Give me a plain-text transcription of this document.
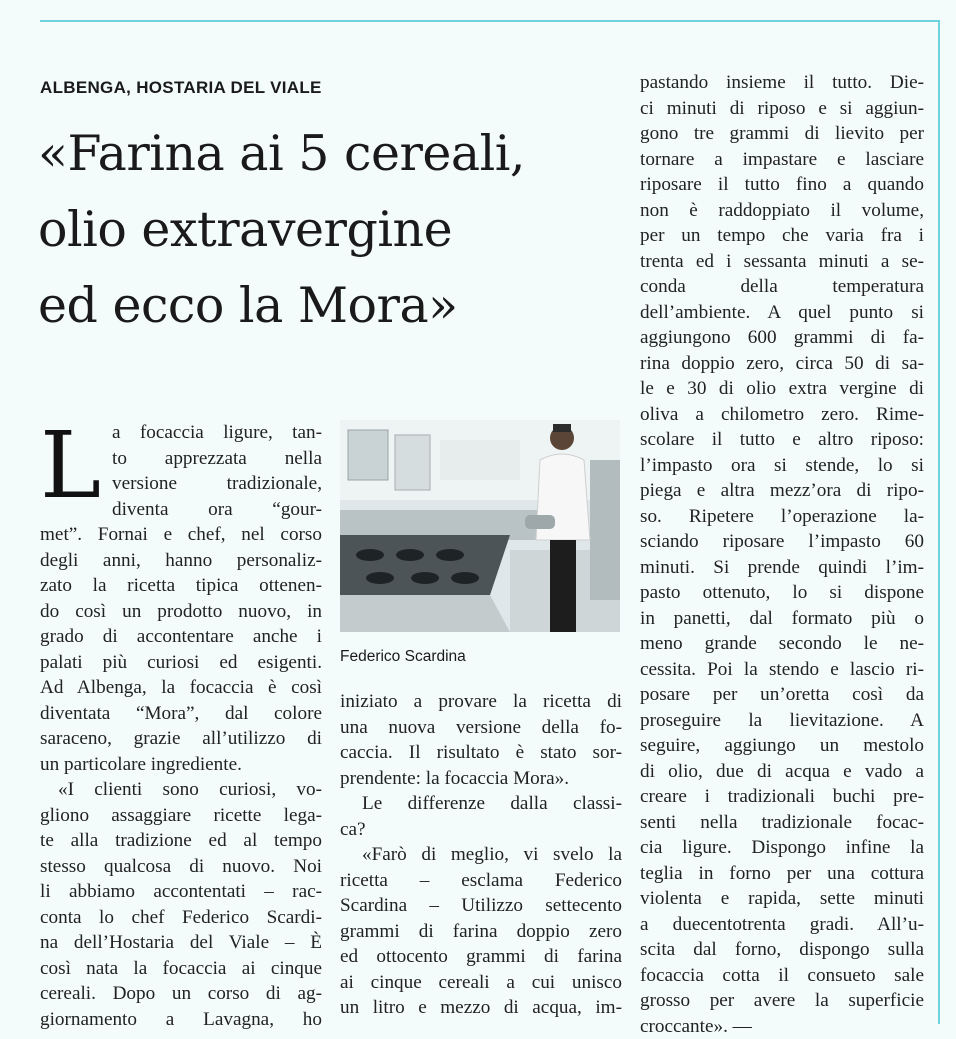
ALBENGA, HOSTARIA DEL VIALE
«Farina ai 5 cereali,
olio extravergine
ed ecco la Mora»
L
Federico Scardina
a focaccia ligure, tan-
to apprezzata nella
versione tradizionale,
diventa ora “gour-
met”. Fornai e chef, nel corso
degli anni, hanno personaliz-
zato la ricetta tipica ottenen-
do così un prodotto nuovo, in
grado di accontentare anche i
palati più curiosi ed esigenti.
Ad Albenga, la focaccia è così
diventata “Mora”, dal colore
saraceno, grazie all’utilizzo di
un particolare ingrediente.
«I clienti sono curiosi, vo-
gliono assaggiare ricette lega-
te alla tradizione ed al tempo
stesso qualcosa di nuovo. Noi
li abbiamo accontentati – rac-
conta lo chef Federico Scardi-
na dell’Hostaria del Viale – È
così nata la focaccia ai cinque
cereali. Dopo un corso di ag-
giornamento a Lavagna, ho
iniziato a provare la ricetta di
una nuova versione della fo-
caccia. Il risultato è stato sor-
prendente: la focaccia Mora».
Le differenze dalla classi-
ca?
«Farò di meglio, vi svelo la
ricetta – esclama Federico
Scardina – Utilizzo settecento
grammi di farina doppio zero
ed ottocento grammi di farina
ai cinque cereali a cui unisco
un litro e mezzo di acqua, im-
pastando insieme il tutto. Die-
ci minuti di riposo e si aggiun-
gono tre grammi di lievito per
tornare a impastare e lasciare
riposare il tutto fino a quando
non è raddoppiato il volume,
per un tempo che varia fra i
trenta ed i sessanta minuti a se-
conda della temperatura
dell’ambiente. A quel punto si
aggiungono 600 grammi di fa-
rina doppio zero, circa 50 di sa-
le e 30 di olio extra vergine di
oliva a chilometro zero. Rime-
scolare il tutto e altro riposo:
l’impasto ora si stende, lo si
piega e altra mezz’ora di ripo-
so. Ripetere l’operazione la-
sciando riposare l’impasto 60
minuti. Si prende quindi l’im-
pasto ottenuto, lo si dispone
in panetti, dal formato più o
meno grande secondo le ne-
cessita. Poi la stendo e lascio ri-
posare per un’oretta così da
proseguire la lievitazione. A
seguire, aggiungo un mestolo
di olio, due di acqua e vado a
creare i tradizionali buchi pre-
senti nella tradizionale focac-
cia ligure. Dispongo infine la
teglia in forno per una cottura
violenta e rapida, sette minuti
a duecentotrenta gradi. All’u-
scita dal forno, dispongo sulla
focaccia cotta il consueto sale
grosso per avere la superficie
croccante». —
